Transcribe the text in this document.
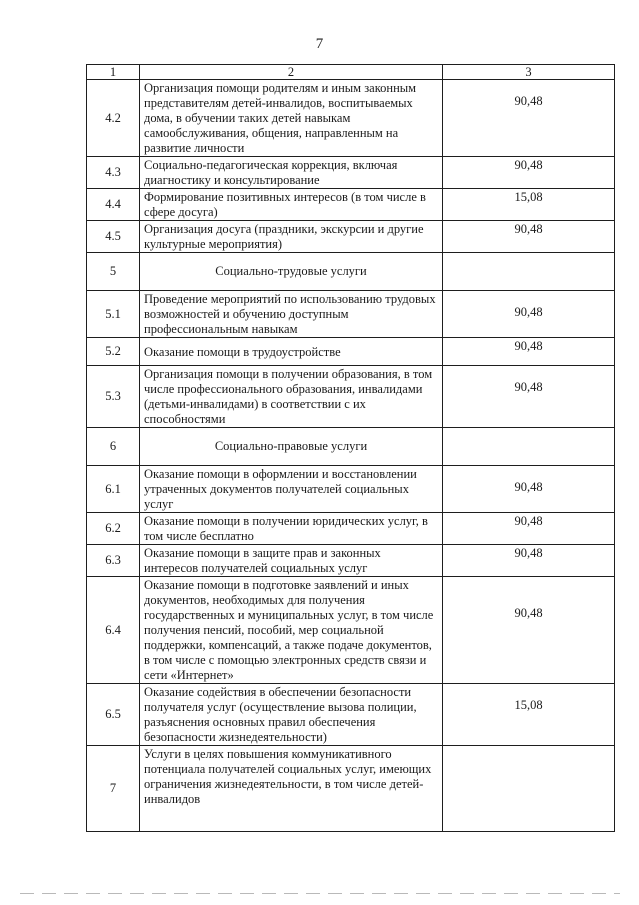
7
1	2	3
4.2	Организация помощи родителям и иным законным представителям детей-инвалидов, воспитываемых дома, в обучении таких детей навыкам самообслуживания, общения, направленным на развитие личности	90,48
4.3	Социально-педагогическая коррекция, включая диагностику и консультирование	90,48
4.4	Формирование позитивных интересов (в том числе в сфере досуга)	15,08
4.5	Организация досуга (праздники, экскурсии и другие культурные мероприятия)	90,48
5	Социально-трудовые услуги	
5.1	Проведение мероприятий по использованию трудовых возможностей и обучению доступным профессиональным навыкам	90,48
5.2	Оказание помощи в трудоустройстве	90,48
5.3	Организация помощи в получении образования, в том числе профессионального образования, инвалидами (детьми-инвалидами) в соответствии с их способностями	90,48
6	Социально-правовые услуги	
6.1	Оказание помощи в оформлении и восстановлении утраченных документов получателей социальных услуг	90,48
6.2	Оказание помощи в получении юридических услуг, в том числе бесплатно	90,48
6.3	Оказание помощи в защите прав и законных интересов получателей социальных услуг	90,48
6.4	Оказание помощи в подготовке заявлений и иных документов, необходимых для получения государственных и муниципальных услуг, в том числе получения пенсий, пособий, мер социальной поддержки, компенсаций, а также подаче документов, в том числе с помощью электронных средств связи и сети «Интернет»	90,48
6.5	Оказание содействия в обеспечении безопасности получателя услуг (осуществление вызова полиции, разъяснения основных правил обеспечения безопасности жизнедеятельности)	15,08
7	Услуги в целях повышения коммуникативного потенциала получателей социальных услуг, имеющих ограничения жизнедеятельности, в том числе детей-инвалидов	
